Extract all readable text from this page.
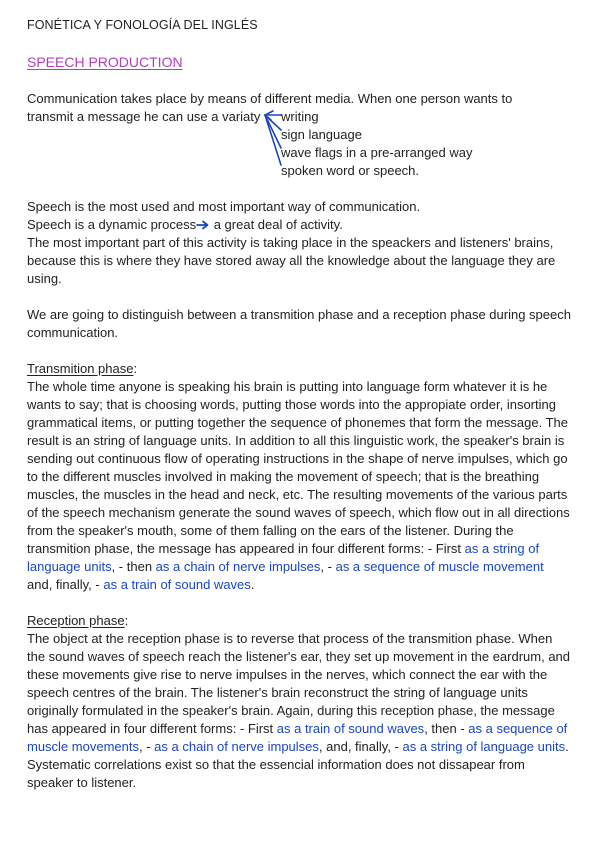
FONÉTICA Y FONOLOGÍA DEL INGLÉS
SPEECH PRODUCTION

Communication takes place by means of different media. When one person wants to

transmit a message he can use a variaty writing
sign language
wave flags in a pre-arranged way
spoken word or speech.

Speech is the most used and most important way of communication.

Speech is a dynamic process a great deal of activity.

The most important part of this activity is taking place in the speackers and listeners' brains, because this is where they have stored away all the knowledge about the language they are using.

We are going to distinguish between a transmition phase and a reception phase during speech communication.

Transmition phase:

The whole time anyone is speaking his brain is putting into language form whatever it is he wants to say; that is choosing words, putting those words into the appropiate order, insorting grammatical items, or putting together the sequence of phonemes that form the message. The result is an string of language units. In addition to all this linguistic work, the speaker's brain is sending out continuous flow of operating instructions in the shape of nerve impulses, which go to the different muscles involved in making the movement of speech; that is the breathing muscles, the muscles in the head and neck, etc. The resulting movements of the various parts of the speech mechanism generate the sound waves of speech, which flow out in all directions from the speaker's mouth, some of them falling on the ears of the listener. During the transmition phase, the message has appeared in four different forms: - First as a string of language units, - then as a chain of nerve impulses, - as a sequence of muscle movement and, finally, - as a train of sound waves.

Reception phase:

The object at the reception phase is to reverse that process of the transmition phase. When the sound waves of speech reach the listener's ear, they set up movement in the eardrum, and these movements give rise to nerve impulses in the nerves, which connect the ear with the speech centres of the brain. The listener's brain reconstruct the string of language units originally formulated in the speaker's brain. Again, during this reception phase, the message has appeared in four different forms: - First as a train of sound waves, then - as a sequence of muscle movements, - as a chain of nerve impulses, and, finally, - as a string of language units.

Systematic correlations exist so that the essencial information does not dissapear from speaker to listener.
